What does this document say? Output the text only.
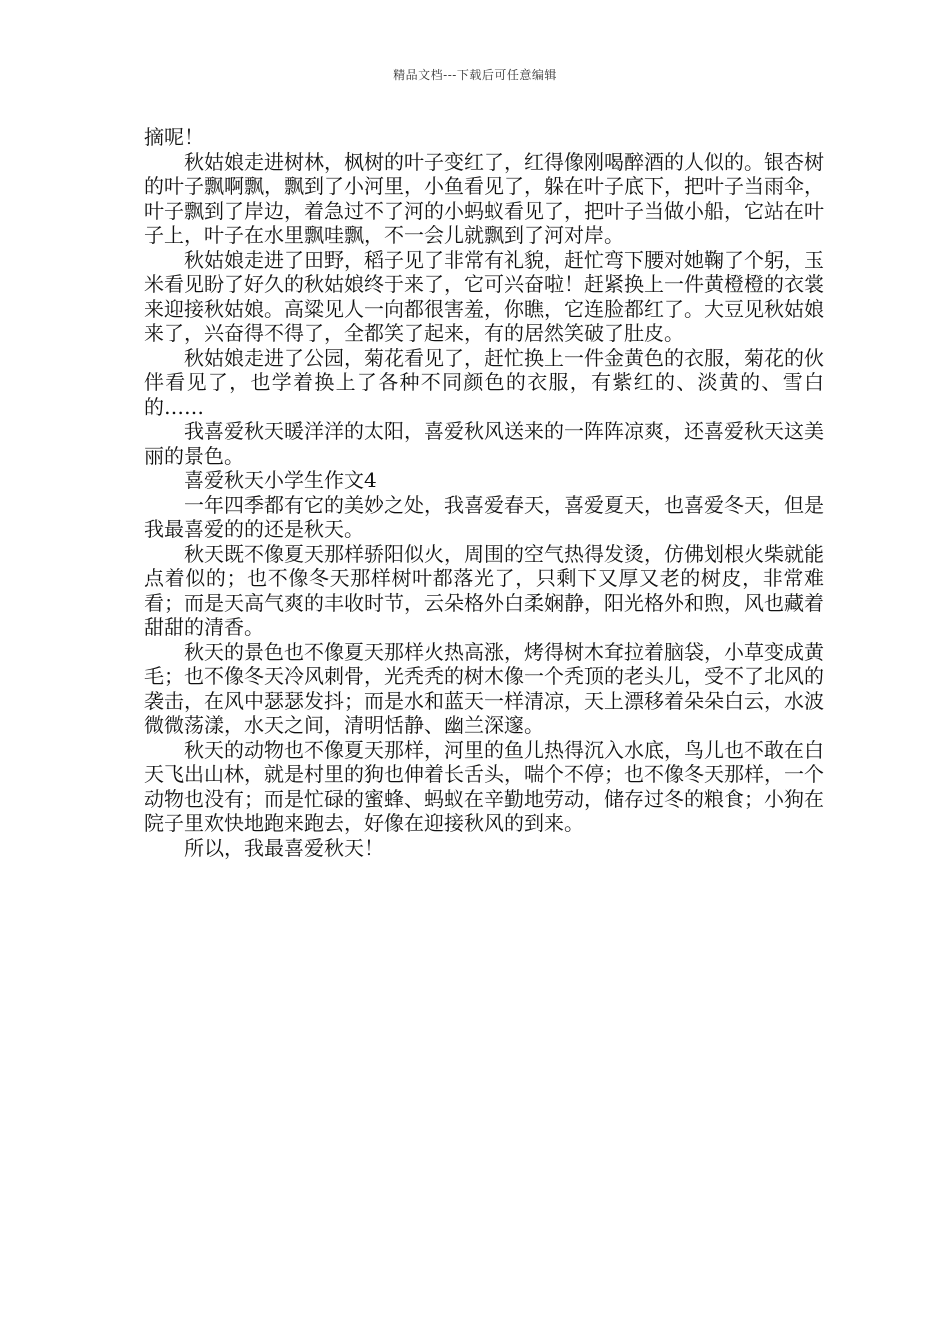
精品文档---下载后可任意编辑

摘呢！

秋姑娘走进树林，枫树的叶子变红了，红得像刚喝醉酒的人似的。银杏树的叶子飘啊飘，飘到了小河里，小鱼看见了，躲在叶子底下，把叶子当雨伞，叶子飘到了岸边，着急过不了河的小蚂蚁看见了，把叶子当做小船，它站在叶子上，叶子在水里飘哇飘，不一会儿就飘到了河对岸。

秋姑娘走进了田野，稻子见了非常有礼貌，赶忙弯下腰对她鞠了个躬，玉米看见盼了好久的秋姑娘终于来了，它可兴奋啦！赶紧换上一件黄橙橙的衣裳来迎接秋姑娘。高粱见人一向都很害羞，你瞧，它连脸都红了。大豆见秋姑娘来了，兴奋得不得了，全都笑了起来，有的居然笑破了肚皮。

秋姑娘走进了公园，菊花看见了，赶忙换上一件金黄色的衣服，菊花的伙伴看见了，也学着换上了各种不同颜色的衣服，有紫红的、淡黄的、雪白的……

我喜爱秋天暖洋洋的太阳，喜爱秋风送来的一阵阵凉爽，还喜爱秋天这美丽的景色。

喜爱秋天小学生作文4

一年四季都有它的美妙之处，我喜爱春天，喜爱夏天，也喜爱冬天，但是我最喜爱的的还是秋天。

秋天既不像夏天那样骄阳似火，周围的空气热得发烫，仿佛划根火柴就能点着似的；也不像冬天那样树叶都落光了，只剩下又厚又老的树皮，非常难看；而是天高气爽的丰收时节，云朵格外白柔娴静，阳光格外和煦，风也藏着甜甜的清香。

秋天的景色也不像夏天那样火热高涨，烤得树木耷拉着脑袋，小草变成黄毛；也不像冬天冷风刺骨，光秃秃的树木像一个秃顶的老头儿，受不了北风的袭击，在风中瑟瑟发抖；而是水和蓝天一样清凉，天上漂移着朵朵白云，水波微微荡漾，水天之间，清明恬静、幽兰深邃。

秋天的动物也不像夏天那样，河里的鱼儿热得沉入水底，鸟儿也不敢在白天飞出山林，就是村里的狗也伸着长舌头，喘个不停；也不像冬天那样，一个动物也没有；而是忙碌的蜜蜂、蚂蚁在辛勤地劳动，储存过冬的粮食；小狗在院子里欢快地跑来跑去，好像在迎接秋风的到来。

所以，我最喜爱秋天！
